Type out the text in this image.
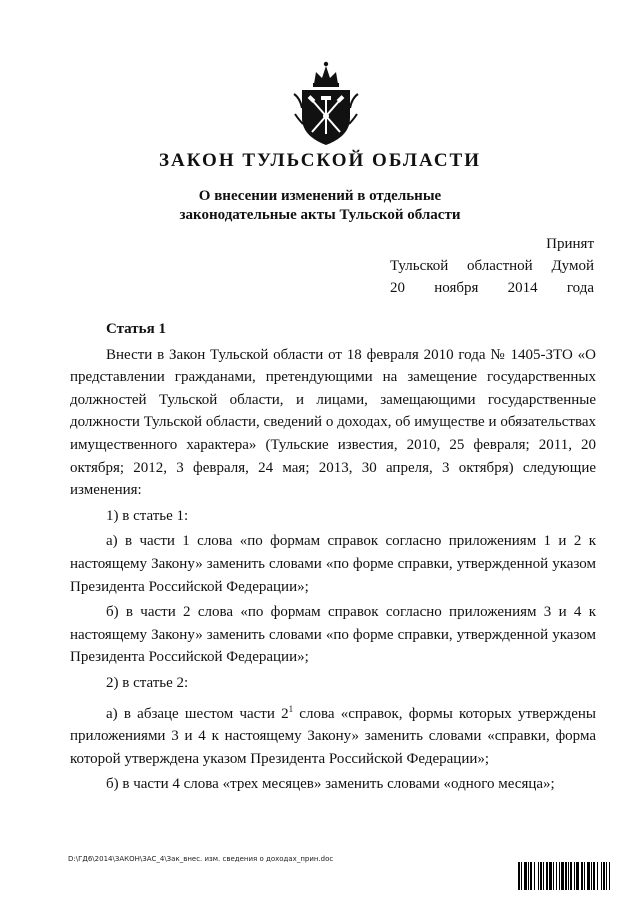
ЗАКОН ТУЛЬСКОЙ ОБЛАСТИ
О внесении изменений в отдельные
законодательные акты Тульской области
Принят
Тульской областной Думой
20 ноября 2014 года

Статья 1

Внести в Закон Тульской области от 18 февраля 2010 года № 1405-ЗТО «О представлении гражданами, претендующими на замещение государственных должностей Тульской области, и лицами, замещающими государственные должности Тульской области, сведений о доходах, об имуществе и обязательствах имущественного характера» (Тульские известия, 2010, 25 февраля; 2011, 20 октября; 2012, 3 февраля, 24 мая; 2013, 30 апреля, 3 октября) следующие изменения:

1) в статье 1:

а) в части 1 слова «по формам справок согласно приложениям 1 и 2 к настоящему Закону» заменить словами «по форме справки, утвержденной указом Президента Российской Федерации»;

б) в части 2 слова «по формам справок согласно приложениям 3 и 4 к настоящему Закону» заменить словами «по форме справки, утвержденной указом Президента Российской Федерации»;

2) в статье 2:

а) в абзаце шестом части $2^1$ слова «справок, формы которых утверждены приложениями 3 и 4 к настоящему Закону» заменить словами «справки, форма которой утверждена указом Президента Российской Федерации»;

б) в части 4 слова «трех месяцев» заменить словами «одного месяца»;

D:\ГД6\2014\ЗАКОН\ЗАС_4\Зак_внес. изм. сведения о доходах_прин.doc
